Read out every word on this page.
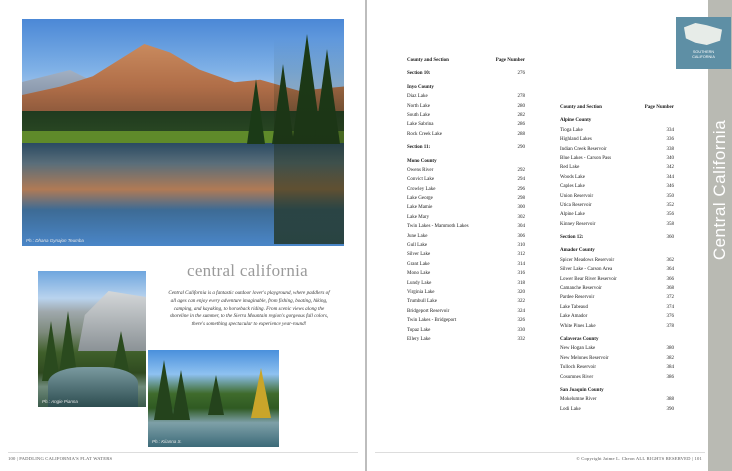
Ph.: Dhana Gynajon Teumba
Ph.: Angie Pianna
Ph.: Kiianna S.
central california

Central California is a fantastic outdoor lover's playground, where paddlers of all ages can enjoy every adventure imaginable, from fishing, boating, hiking, camping, and kayaking, to horseback riding. From scenic views along the shoreline in the summer, to the Sierra Mountain region's gorgeous fall colors, there's something spectacular to experience year-round!

100 | PADDLING CALIFORNIA'S FLAT WATERS
County and Section	Page Number
Section 10:	276
Inyo County
Diaz Lake	278
North Lake	280
South Lake	282
Lake Sabrina	286
Rock Creek Lake	288
Section 11:	290
Mono County
Owens River	292
Convict Lake	294
Crowley Lake	296
Lake George	298
Lake Mamie	300
Lake Mary	302
Twin Lakes - Mammoth Lakes	304
June Lake	306
Gull Lake	310
Silver Lake	312
Grant Lake	314
Mono Lake	316
Lundy Lake	318
Virginia Lake	320
Trumbull Lake	322
Bridgeport Reservoir	324
Twin Lakes - Bridgeport	326
Topaz Lake	330
Ellery Lake	332
County and Section	Page Number
Alpine County
Tioga Lake	334
Highland Lakes	336
Indian Creek Reservoir	338
Blue Lakes - Carson Pass	340
Red Lake	342
Woods Lake	344
Caples Lake	346
Union Reservoir	350
Utica Reservoir	352
Alpine Lake	356
Kinney Reservoir	358
Section 12:	360
Amador County
Spicer Meadows Reservoir	362
Silver Lake - Carson Area	364
Lower Bear River Reservoir	366
Camanche Reservoir	368
Pardee Reservoir	372
Lake Tabeaud	374
Lake Amador	376
White Pines Lake	378
Calaveras County
New Hogan Lake	380
New Melones Reservoir	382
Tulloch Reservoir	384
Cosumnes River	386
San Joaquin County
Mokelumne River	388
Lodi Lake	390
© Copyright Jaime L. Cheon ALL RIGHTS RESERVED | 101
Central California
SOUTHERN
CALIFORNIA
